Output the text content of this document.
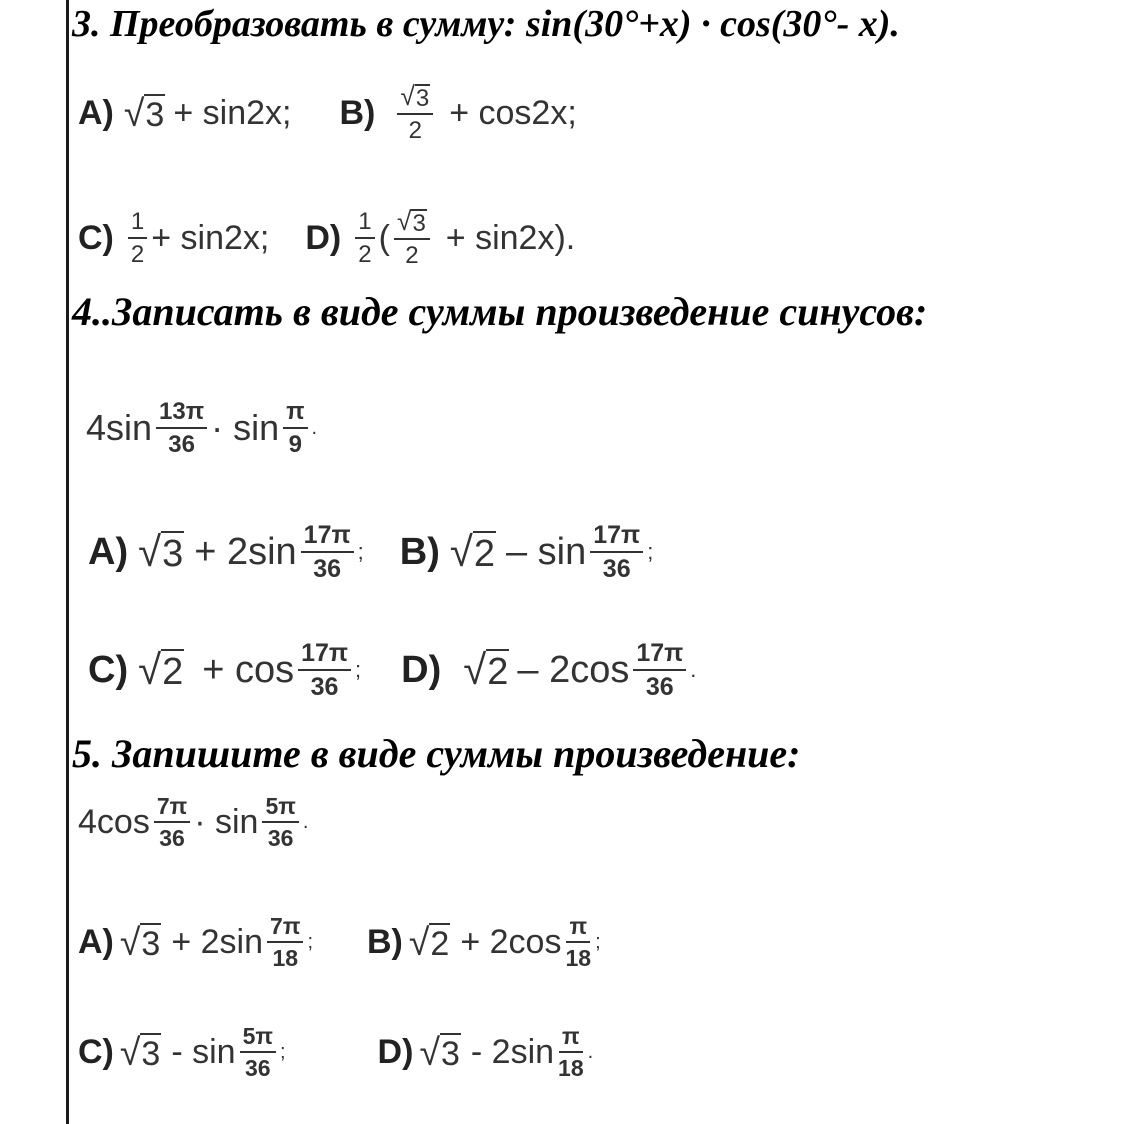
3. Преобразовать в сумму: sin(30°+x) · cos(30°- x).
A) √ 3 + sin2x; $B) \frac{√ 3}{2} + \cos 2x$;
$C) \frac{1}{2} + \sin 2x$; $D) \frac{1}{2}$ ( $\frac{√ 3}{2} + \sin 2x$).
4..Записать в виде суммы произведение синусов:
$4\sin \frac{13\pi}{36} \cdot \sin \frac{\pi}{9}$ .
A) √ $3 + 2\sin \frac{17\pi}{36}$ ; B) √ $2 - \sin \frac{17\pi}{36}$ ;
C) √ $2 + \cos \frac{17\pi}{36}$ ; D) √ $2 - 2\cos \frac{17\pi}{36}$ .
5. Запишите в виде суммы произведение:
$4\cos \frac{7\pi}{36} \cdot \sin \frac{5\pi}{36}$ .
A) √ $3 + 2\sin \frac{7\pi}{18}$ ; B) √ $2 + 2\cos \frac{\pi}{18}$ ;
C) √ $3 - \sin \frac{5\pi}{36}$ ;	D) √ $3 - 2\sin \frac{\pi}{18}$ .
